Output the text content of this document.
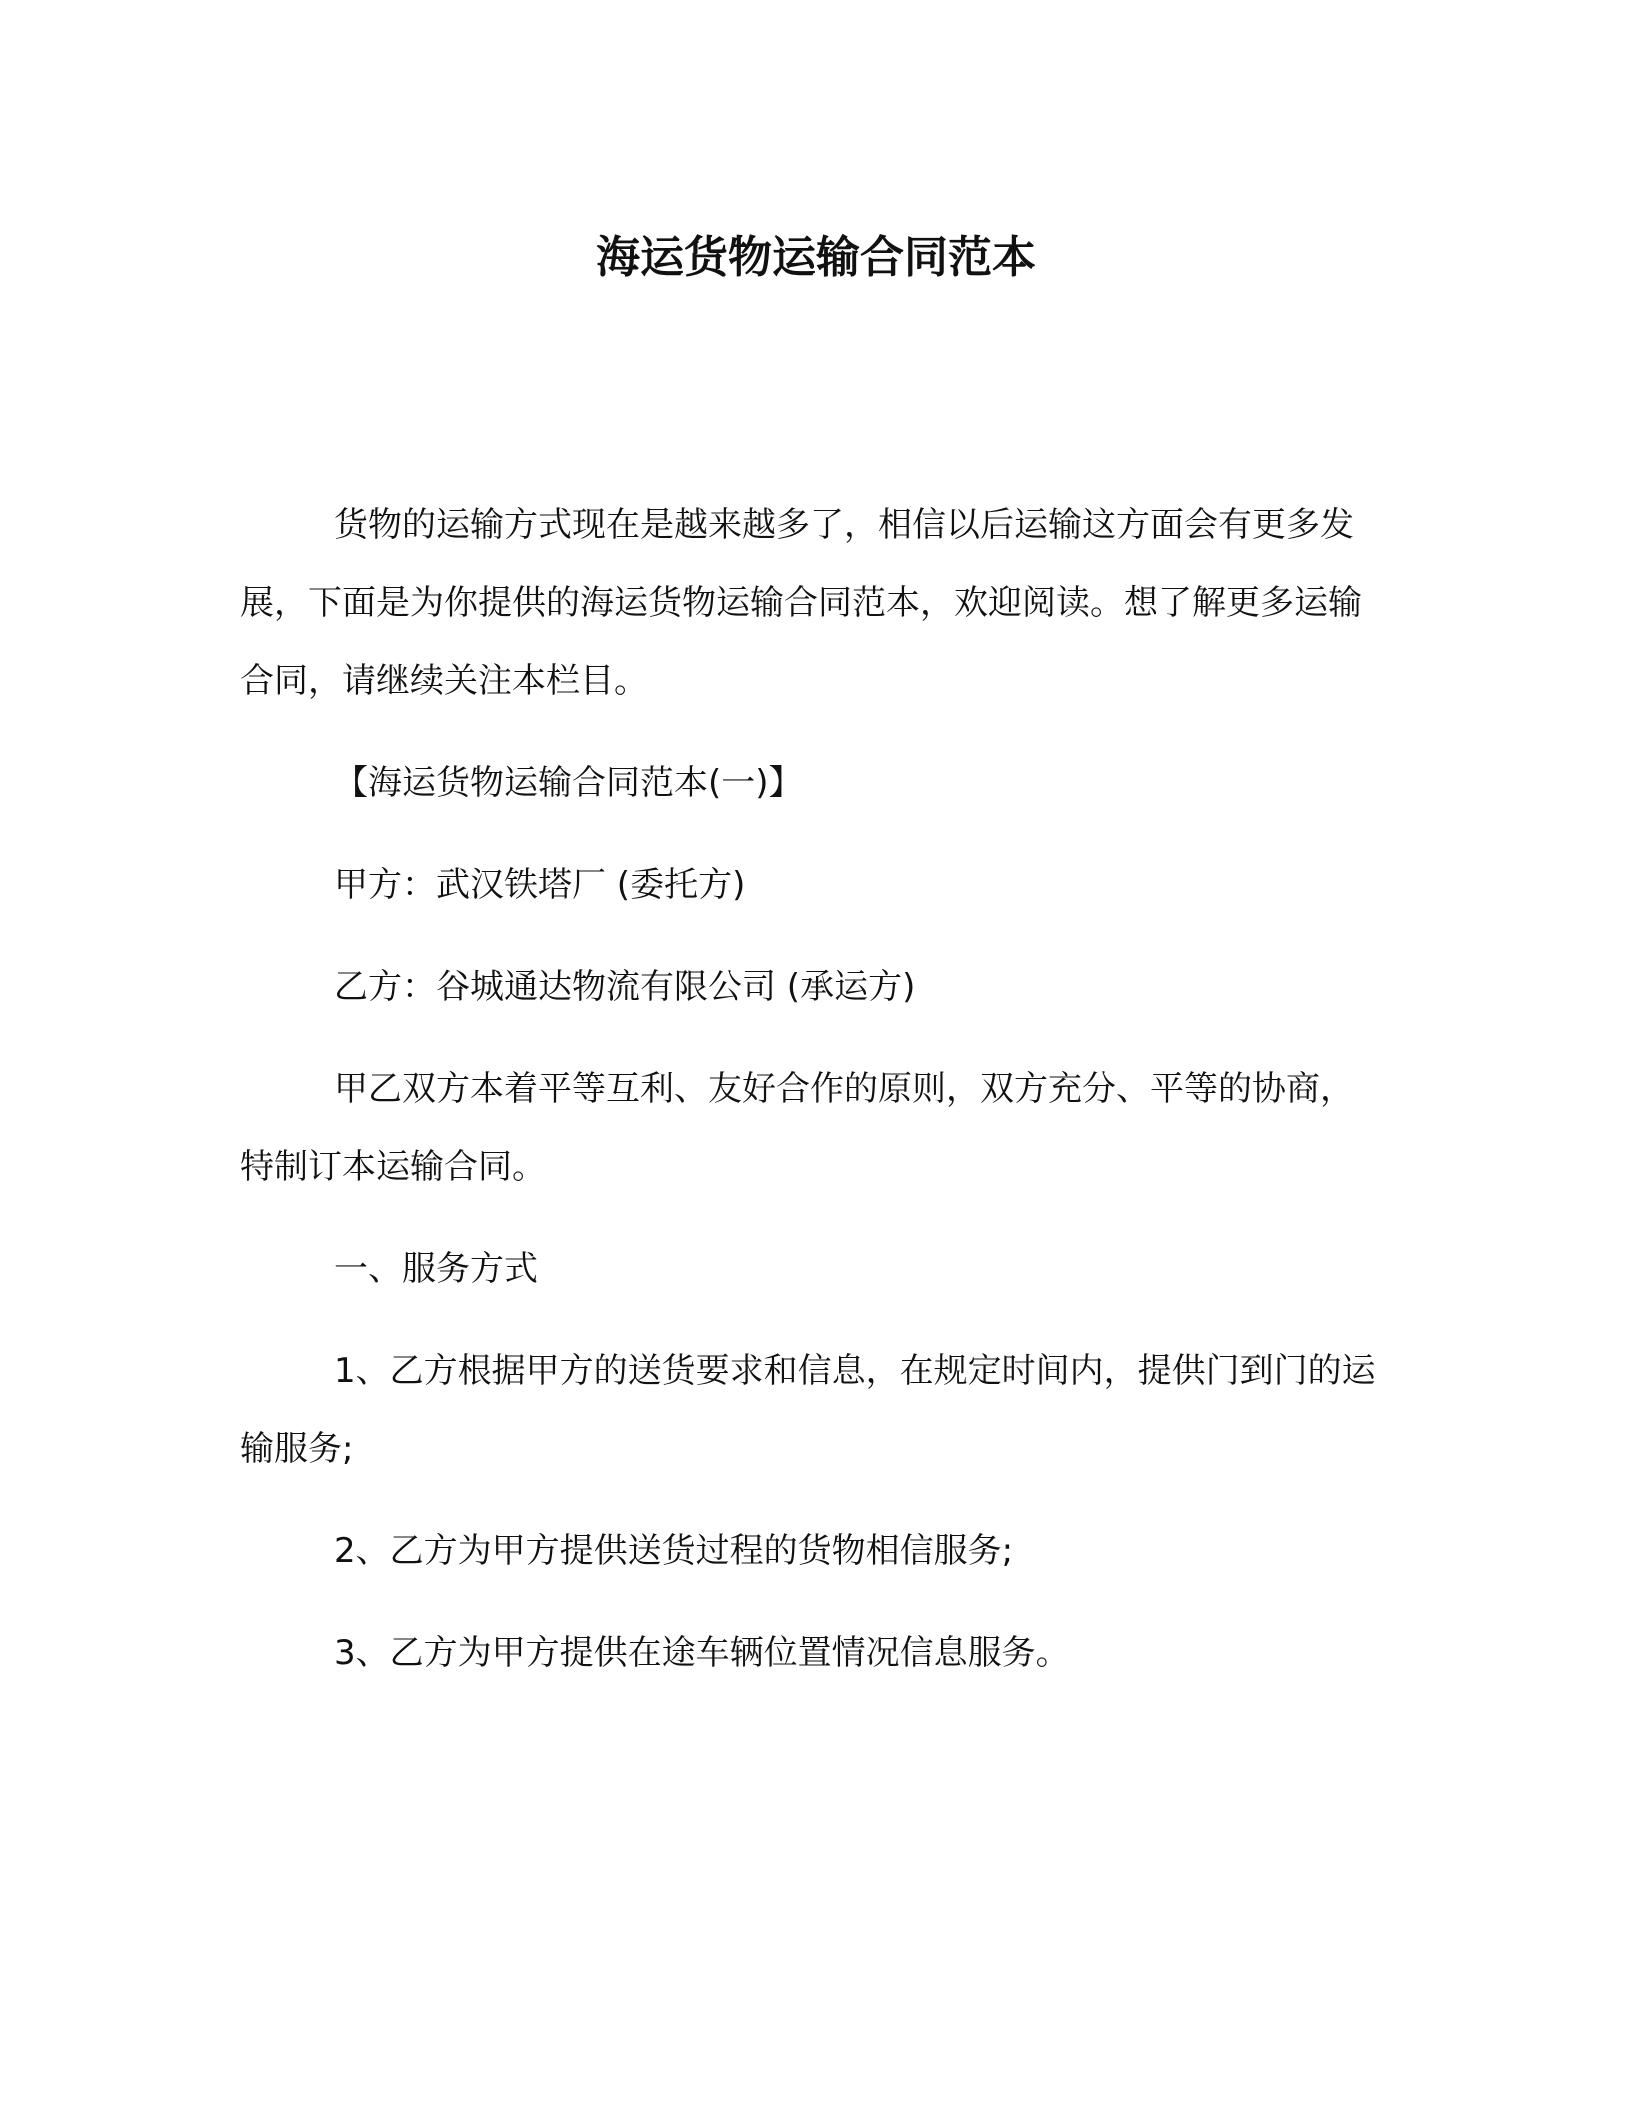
海运货物运输合同范本

货物的运输方式现在是越来越多了，相信以后运输这方面会有更多发展，下面是为你提供的海运货物运输合同范本，欢迎阅读。想了解更多运输合同，请继续关注本栏目。

【海运货物运输合同范本(一)】

甲方：武汉铁塔厂 (委托方)

乙方：谷城通达物流有限公司 (承运方)

甲乙双方本着平等互利、友好合作的原则，双方充分、平等的协商，特制订本运输合同。

一、服务方式

1、乙方根据甲方的送货要求和信息，在规定时间内，提供门到门的运输服务;

2、乙方为甲方提供送货过程的货物相信服务;

3、乙方为甲方提供在途车辆位置情况信息服务。
